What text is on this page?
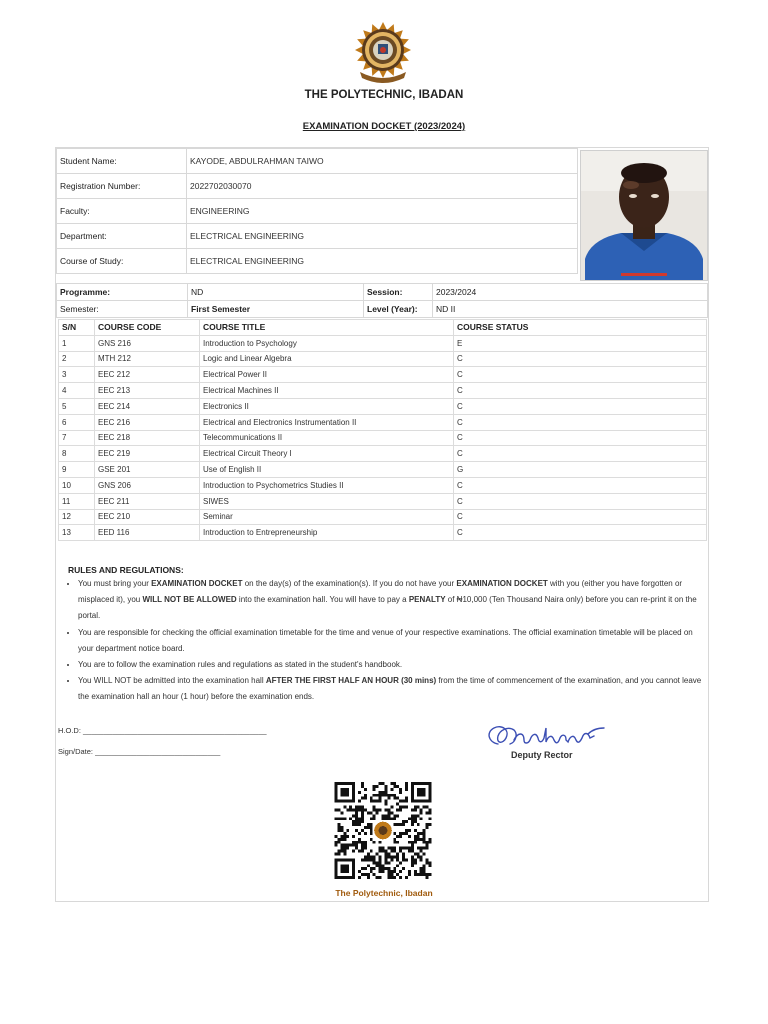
THE POLYTECHNIC, IBADAN
EXAMINATION DOCKET (2023/2024)
Student Name:	KAYODE, ABDULRAHMAN TAIWO
Registration Number:	2022702030070
Faculty:	ENGINEERING
Department:	ELECTRICAL ENGINEERING
Course of Study:	ELECTRICAL ENGINEERING
Programme:	ND	Session:	2023/2024
Semester:	First Semester	Level (Year):	ND II
S/N	COURSE CODE	COURSE TITLE	COURSE STATUS
1	GNS 216	Introduction to Psychology	E
2	MTH 212	Logic and Linear Algebra	C
3	EEC 212	Electrical Power II	C
4	EEC 213	Electrical Machines II	C
5	EEC 214	Electronics II	C
6	EEC 216	Electrical and Electronics Instrumentation II	C
7	EEC 218	Telecommunications II	C
8	EEC 219	Electrical Circuit Theory I	C
9	GSE 201	Use of English II	G
10	GNS 206	Introduction to Psychometrics Studies II	C
11	EEC 211	SIWES	C
12	EEC 210	Seminar	C
13	EED 116	Introduction to Entrepreneurship	C
RULES AND REGULATIONS:
• You must bring your EXAMINATION DOCKET on the day(s) of the examination(s). If you do not have your EXAMINATION DOCKET with you (either you have forgotten or misplaced it), you WILL NOT BE ALLOWED into the examination hall. You will have to pay a PENALTY of ₦10,000 (Ten Thousand Naira only) before you can re-print it on the portal.
• You are responsible for checking the official examination timetable for the time and venue of your respective examinations. The official examination timetable will be placed on your department notice board.
• You are to follow the examination rules and regulations as stated in the student's handbook.
• You WILL NOT be admitted into the examination hall AFTER THE FIRST HALF AN HOUR (30 mins) from the time of commencement of the examination, and you cannot leave the examination hall an hour (1 hour) before the examination ends.
H.O.D: ____________________________________________
Sign/Date: ______________________________	Deputy Rector
The Polytechnic, Ibadan
